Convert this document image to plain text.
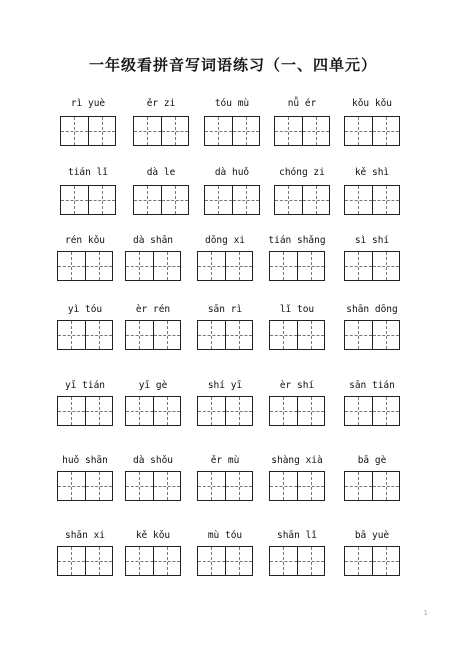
一年级看拼音写词语练习（一、四单元）
rì yuè	ěr zi	tóu mù	nǚ ér	kǒu kǒu
tián lǐ	dà le	dà huǒ	chóng zi	kě shì
rén kǒu	dà shān	dōng xi	tián shǎng	sì shí
yì tóu	èr rén	sān rì	lǐ tou	shān dōng
yī tián	yī gè	shí yī	èr shí	sān tián
huǒ shān	dà shǒu	ěr mù	shàng xià	bā gè
shān xi	kě kǒu	mù tóu	shān lǐ	bā yuè
1
